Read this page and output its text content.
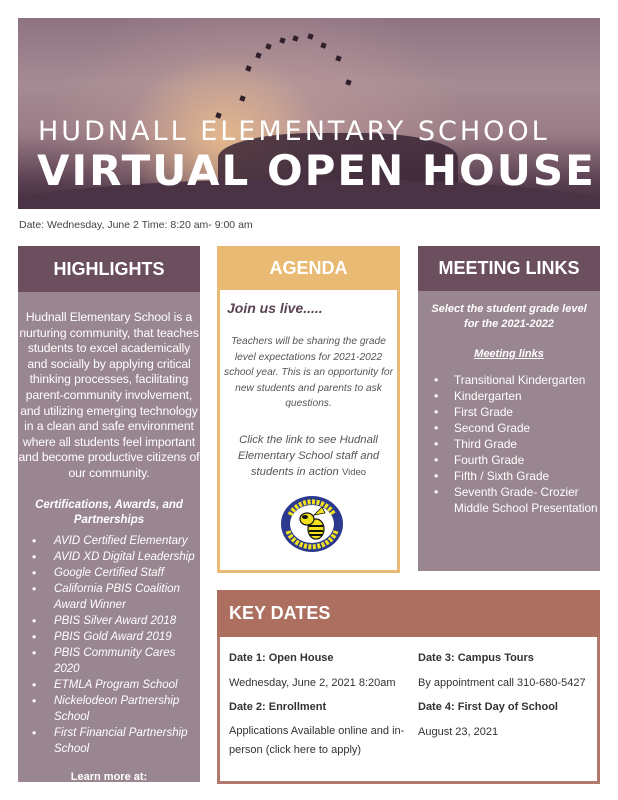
HUDNALL ELEMENTARY SCHOOL
VIRTUAL OPEN HOUSE
Date: Wednesday, June 2 Time: 8:20 am- 9:00 am
HIGHLIGHTS
Hudnall Elementary School is a nurturing community, that teaches students to excel academically and socially by applying critical thinking processes, facilitating parent-community involvement, and utilizing emerging technology in a clean and safe environment where all students feel important and become productive citizens of our community.
Certifications, Awards, and Partnerships
• AVID Certified Elementary
• AVID XD Digital Leadership
• Google Certified Staff
• California PBIS Coalition Award Winner
• PBIS Silver Award 2018
• PBIS Gold Award 2019
• PBIS Community Cares 2020
• ETMLA Program School
• Nickelodeon Partnership School
• First Financial Partnership School
Learn more at:
hudnall.inglewoodusd.com
AGENDA
Join us live.....
Teachers will be sharing the grade level expectations for 2021-2022 school year. This is an opportunity for new students and parents to ask questions.
Click the link to see Hudnall Elementary School staff and students in action Video
MEETING LINKS
Select the student grade level for the 2021-2022
Meeting links
• Transitional Kindergarten
• Kindergarten
• First Grade
• Second Grade
• Third Grade
• Fourth Grade
• Fifth / Sixth Grade
• Seventh Grade- Crozier Middle School Presentation
KEY DATES
Date 1: Open House
Wednesday, June 2, 2021 8:20am
Date 2: Enrollment
Applications Available online and in-person (click here to apply)
Date 3: Campus Tours
By appointment call 310-680-5427
Date 4: First Day of School
August 23, 2021
